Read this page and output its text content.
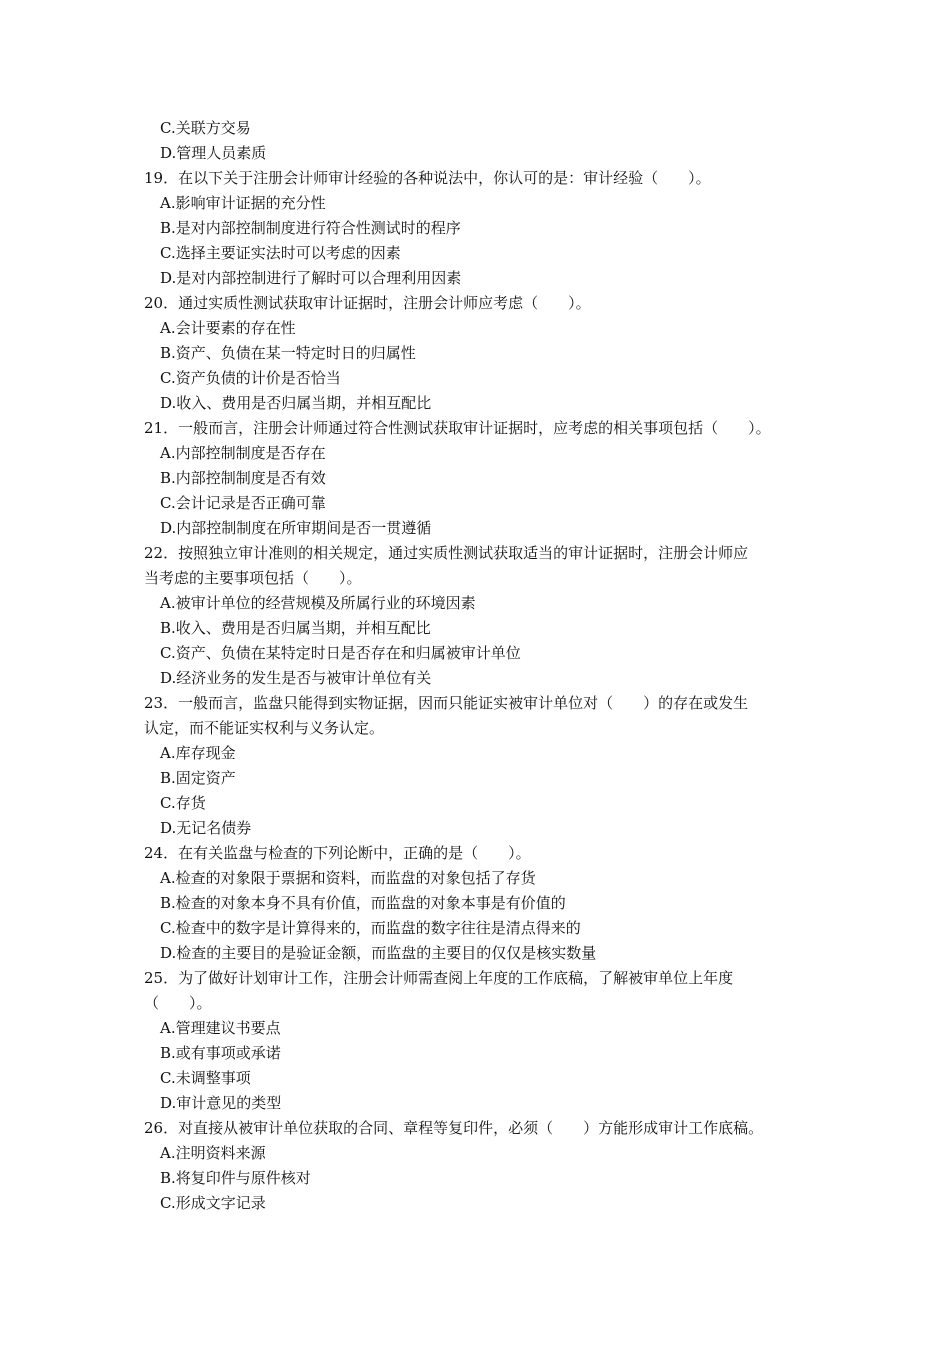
C.关联方交易
D.管理人员素质
19．在以下关于注册会计师审计经验的各种说法中，你认可的是：审计经验（　　）。
A.影响审计证据的充分性
B.是对内部控制制度进行符合性测试时的程序
C.选择主要证实法时可以考虑的因素
D.是对内部控制进行了解时可以合理利用因素
20．通过实质性测试获取审计证据时，注册会计师应考虑（　　）。
A.会计要素的存在性
B.资产、负债在某一特定时日的归属性
C.资产负债的计价是否恰当
D.收入、费用是否归属当期，并相互配比
21．一般而言，注册会计师通过符合性测试获取审计证据时，应考虑的相关事项包括（　　）。
A.内部控制制度是否存在
B.内部控制制度是否有效
C.会计记录是否正确可靠
D.内部控制制度在所审期间是否一贯遵循
22．按照独立审计准则的相关规定，通过实质性测试获取适当的审计证据时，注册会计师应
当考虑的主要事项包括（　　）。
A.被审计单位的经营规模及所属行业的环境因素
B.收入、费用是否归属当期，并相互配比
C.资产、负债在某特定时日是否存在和归属被审计单位
D.经济业务的发生是否与被审计单位有关
23．一般而言，监盘只能得到实物证据，因而只能证实被审计单位对（　　）的存在或发生
认定，而不能证实权利与义务认定。
A.库存现金
B.固定资产
C.存货
D.无记名债券
24．在有关监盘与检查的下列论断中，正确的是（　　）。
A.检查的对象限于票据和资料，而监盘的对象包括了存货
B.检查的对象本身不具有价值，而监盘的对象本事是有价值的
C.检查中的数字是计算得来的，而监盘的数字往往是清点得来的
D.检查的主要目的是验证金额，而监盘的主要目的仅仅是核实数量
25．为了做好计划审计工作，注册会计师需查阅上年度的工作底稿，了解被审单位上年度
（　　）。
A.管理建议书要点
B.或有事项或承诺
C.未调整事项
D.审计意见的类型
26．对直接从被审计单位获取的合同、章程等复印件，必须（　　）方能形成审计工作底稿。
A.注明资料来源
B.将复印件与原件核对
C.形成文字记录
